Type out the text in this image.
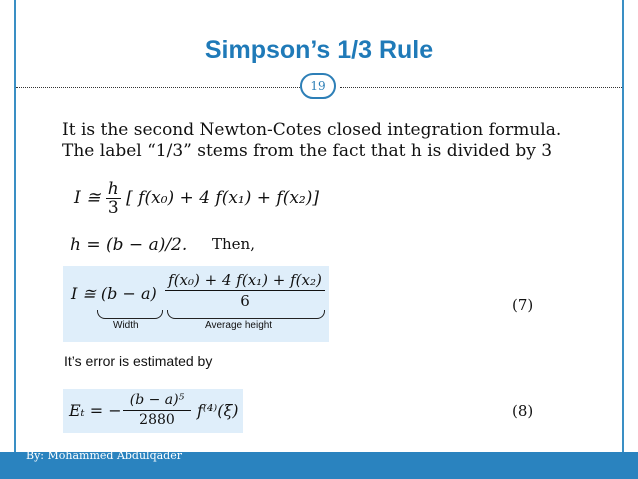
Simpson’s 1/3 Rule
19
It is the second Newton-Cotes closed integration formula.
The label “1/3” stems from the fact that h is divided by 3
I ≅ $\frac{h}{3}$ [ f(x₀) + 4 f(x₁) + f(x₂)]
h = (b − a)/2. Then,
I ≅ $(b - a) \frac{\text{f(x₀) + 4 f(x₁) + f(x₂)}}{6}$
Width	Average height
(7)
It’s error is estimated by
Eₜ = − $\frac{\text{(b − a)⁵}}{2880} f^{(4)}(\xi)$	(8)
By: Mohammed Abdulqader
